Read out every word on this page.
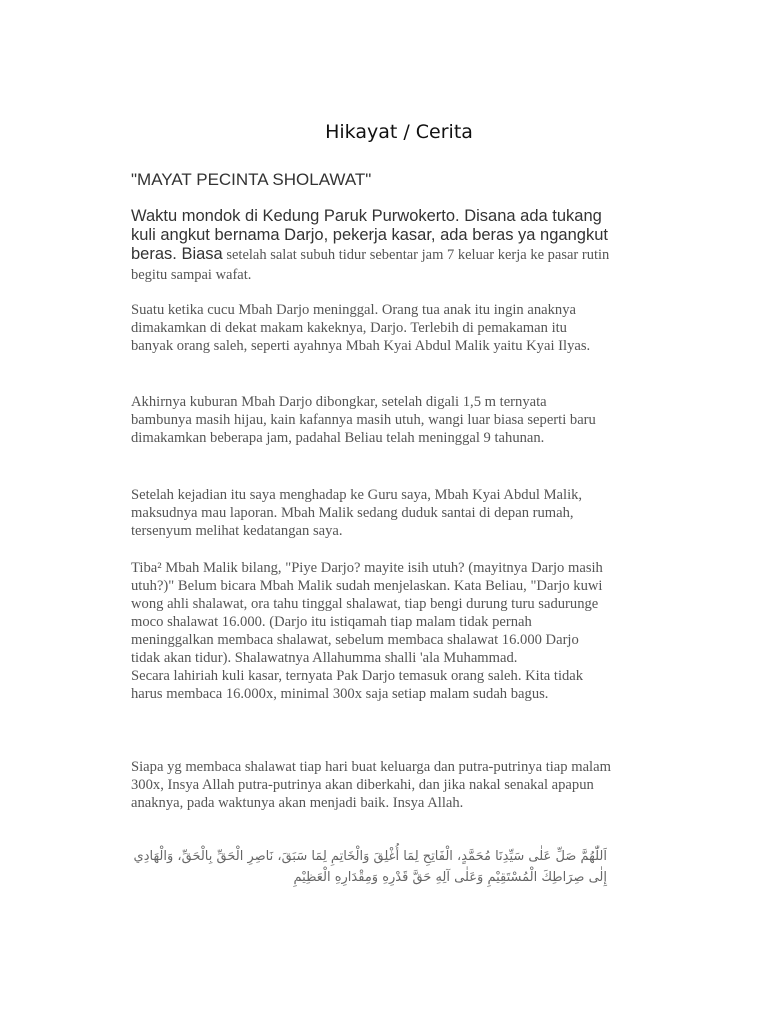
Hikayat / Cerita
"MAYAT PECINTA SHOLAWAT"
Waktu mondok di Kedung Paruk Purwokerto. Disana ada tukang kuli angkut bernama Darjo, pekerja kasar, ada beras ya ngangkut beras. Biasa setelah salat subuh tidur sebentar jam 7 keluar kerja ke pasar rutin begitu sampai wafat.

Suatu ketika cucu Mbah Darjo meninggal. Orang tua anak itu ingin anaknya dimakamkan di dekat makam kakeknya, Darjo. Terlebih di pemakaman itu banyak orang saleh, seperti ayahnya Mbah Kyai Abdul Malik yaitu Kyai Ilyas.

Akhirnya kuburan Mbah Darjo dibongkar, setelah digali 1,5 m ternyata bambunya masih hijau, kain kafannya masih utuh, wangi luar biasa seperti baru dimakamkan beberapa jam, padahal Beliau telah meninggal 9 tahunan.

Setelah kejadian itu saya menghadap ke Guru saya, Mbah Kyai Abdul Malik, maksudnya mau laporan. Mbah Malik sedang duduk santai di depan rumah, tersenyum melihat kedatangan saya.

Tiba² Mbah Malik bilang, "Piye Darjo? mayite isih utuh? (mayitnya Darjo masih utuh?)" Belum bicara Mbah Malik sudah menjelaskan. Kata Beliau, "Darjo kuwi wong ahli shalawat, ora tahu tinggal shalawat, tiap bengi durung turu sadurunge moco shalawat 16.000. (Darjo itu istiqamah tiap malam tidak pernah meninggalkan membaca shalawat, sebelum membaca shalawat 16.000 Darjo tidak akan tidur). Shalawatnya Allahumma shalli 'ala Muhammad.

Secara lahiriah kuli kasar, ternyata Pak Darjo temasuk orang saleh. Kita tidak harus membaca 16.000x, minimal 300x saja setiap malam sudah bagus.

Siapa yg membaca shalawat tiap hari buat keluarga dan putra-putrinya tiap malam 300x, Insya Allah putra-putrinya akan diberkahi, dan jika nakal senakal apapun anaknya, pada waktunya akan menjadi baik. Insya Allah.

اَللّٰهُمَّ صَلِّ عَلٰى سَيِّدِنَا مُحَمَّدٍ، الْفَاتِحِ لِمَا أُغْلِقَ وَالْخَاتِمِ لِمَا سَبَقَ، نَاصِرِ الْحَقِّ بِالْحَقِّ، وَالْهَادِي إِلٰى صِرَاطِكَ الْمُسْتَقِيْمِ وَعَلٰى آلِهِ حَقَّ قَدْرِهِ وَمِقْدَارِهِ الْعَظِيْمِ
